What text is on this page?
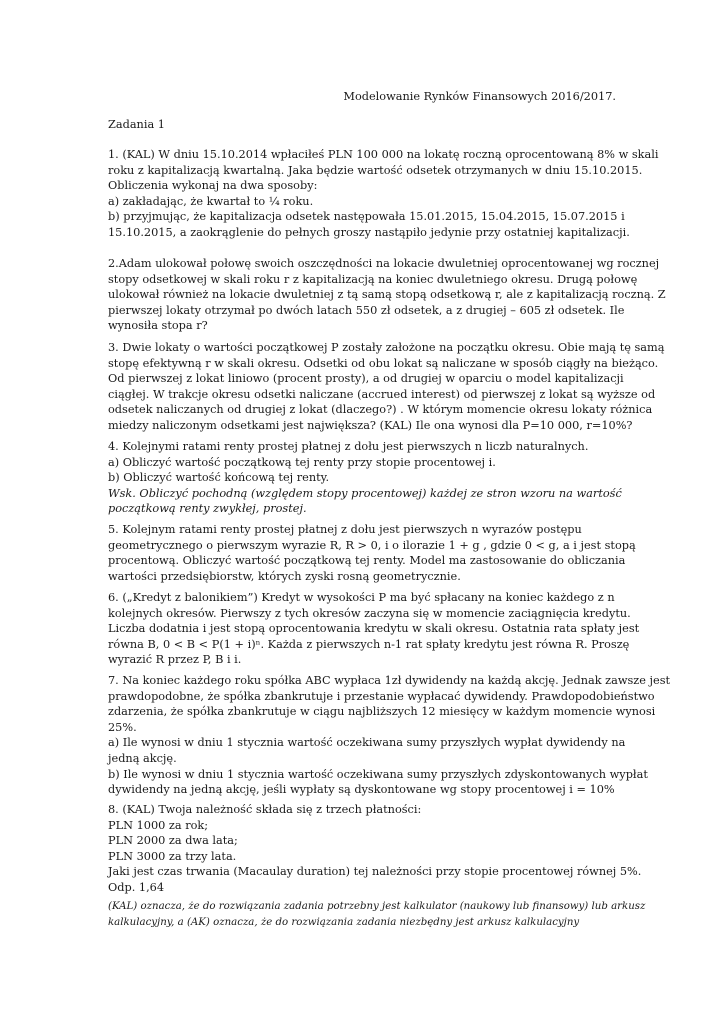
Modelowanie Rynków Finansowych 2016/2017.
Zadania 1
1. (KAL) W dniu 15.10.2014 wpłaciłeś PLN 100 000 na lokatę roczną oprocentowaną 8% w skali
roku z kapitalizacją kwartalną. Jaka będzie wartość odsetek otrzymanych w dniu 15.10.2015.
Obliczenia wykonaj na dwa sposoby:
a) zakładając, że kwartał to ¼ roku.
b) przyjmując, że kapitalizacja odsetek następowała 15.01.2015, 15.04.2015, 15.07.2015 i
15.10.2015, a zaokrąglenie do pełnych groszy nastąpiło jedynie przy ostatniej kapitalizacji.
2.Adam ulokował połowę swoich oszczędności na lokacie dwuletniej oprocentowanej wg rocznej
stopy odsetkowej w skali roku r z kapitalizacją na koniec dwuletniego okresu. Drugą połowę
ulokował również na lokacie dwuletniej z tą samą stopą odsetkową r, ale z kapitalizacją roczną. Z
pierwszej lokaty otrzymał po dwóch latach 550 zł odsetek, a z drugiej – 605 zł odsetek. Ile
wynosiła stopa r?
3. Dwie lokaty o wartości początkowej P zostały założone na początku okresu. Obie mają tę samą
stopę efektywną r w skali okresu. Odsetki od obu lokat są naliczane w sposób ciągły na bieżąco.
Od pierwszej z lokat liniowo (procent prosty), a od drugiej w oparciu o model kapitalizacji
ciągłej. W trakcje okresu odsetki naliczane (accrued interest) od pierwszej z lokat są wyższe od
odsetek naliczanych od drugiej z lokat (dlaczego?) . W którym momencie okresu lokaty różnica
miedzy naliczonym odsetkami jest największa? (KAL) Ile ona wynosi dla P=10 000, r=10%?
4. Kolejnymi ratami renty prostej płatnej z dołu jest pierwszych n liczb naturalnych.
a) Obliczyć wartość początkową tej renty przy stopie procentowej i.
b) Obliczyć wartość końcową tej renty.
Wsk. Obliczyć pochodną (względem stopy procentowej) każdej ze stron wzoru na wartość
początkową renty zwykłej, prostej.
5. Kolejnym ratami renty prostej płatnej z dołu jest pierwszych n wyrazów postępu
geometrycznego o pierwszym wyrazie R, R > 0, i o ilorazie 1 + g , gdzie 0 < g, a i jest stopą
procentową. Obliczyć wartość początkową tej renty. Model ma zastosowanie do obliczania
wartości przedsiębiorstw, których zyski rosną geometrycznie.
6. („Kredyt z balonikiem”) Kredyt w wysokości P ma być spłacany na koniec każdego z n
kolejnych okresów. Pierwszy z tych okresów zaczyna się w momencie zaciągnięcia kredytu.
Liczba dodatnia i jest stopą oprocentowania kredytu w skali okresu. Ostatnia rata spłaty jest
równa B, 0 < B < P(1 + i)ⁿ. Każda z pierwszych n-1 rat spłaty kredytu jest równa R. Proszę
wyrazić R przez P, B i i.
7. Na koniec każdego roku spółka ABC wypłaca 1zł dywidendy na każdą akcję. Jednak zawsze jest
prawdopodobne, że spółka zbankrutuje i przestanie wypłacać dywidendy. Prawdopodobieństwo
zdarzenia, że spółka zbankrutuje w ciągu najbliższych 12 miesięcy w każdym momencie wynosi
25%.
a) Ile wynosi w dniu 1 stycznia wartość oczekiwana sumy przyszłych wypłat dywidendy na
jedną akcję.
b) Ile wynosi w dniu 1 stycznia wartość oczekiwana sumy przyszłych zdyskontowanych wypłat
dywidendy na jedną akcję, jeśli wypłaty są dyskontowane wg stopy procentowej i = 10%
8. (KAL) Twoja należność składa się z trzech płatności:
PLN 1000 za rok;
PLN 2000 za dwa lata;
PLN 3000 za trzy lata.
Jaki jest czas trwania (Macaulay duration) tej należności przy stopie procentowej równej 5%.
Odp. 1,64
(KAL) oznacza, że do rozwiązania zadania potrzebny jest kalkulator (naukowy lub finansowy) lub arkusz
kalkulacyjny, a (AK) oznacza, że do rozwiązania zadania niezbędny jest arkusz kalkulacyjny
